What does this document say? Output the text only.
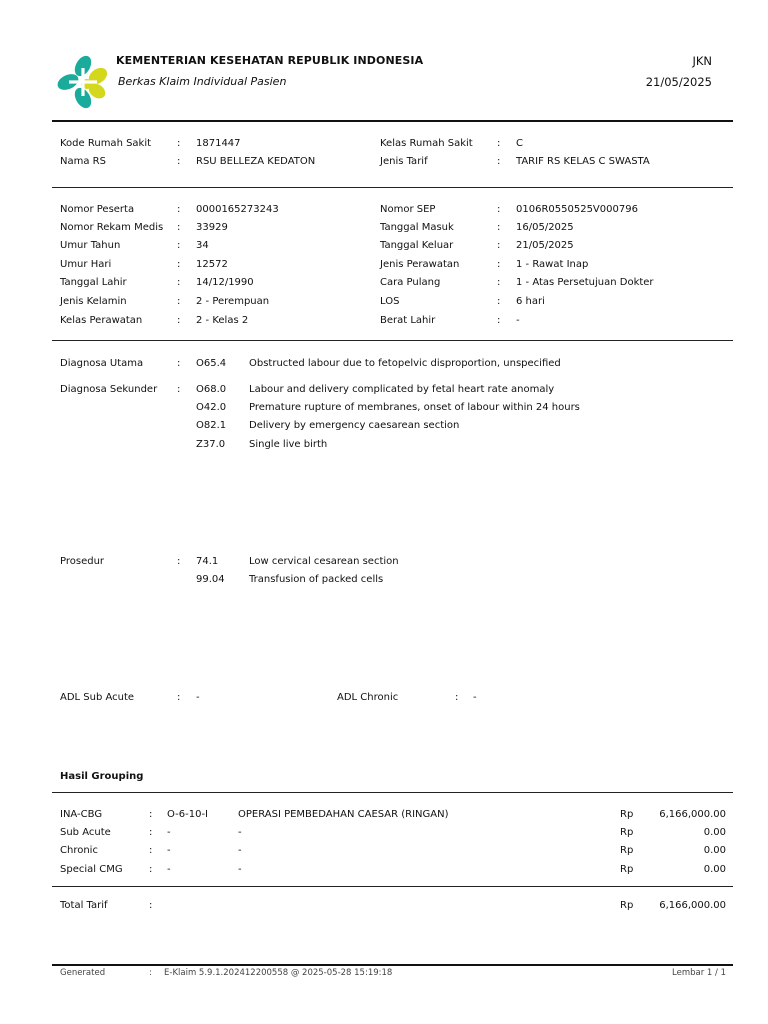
KEMENTERIAN KESEHATAN REPUBLIK INDONESIA
Berkas Klaim Individual Pasien
JKN
21/05/2025
Kode Rumah Sakit	: 1871447
Nama RS	: RSU BELLEZA KEDATON
Kelas Rumah Sakit : C
Jenis Tarif	: TARIF RS KELAS C SWASTA
Nomor Peserta	: 0000165273243
Nomor Rekam Medis : 33929
Umur Tahun	: 34
Umur Hari	: 12572
Tanggal Lahir	: 14/12/1990
Jenis Kelamin	: 2 - Perempuan
Kelas Perawatan	: 2 - Kelas 2
Nomor SEP	: 0106R0550525V000796
Tanggal Masuk	: 16/05/2025
Tanggal Keluar	: 21/05/2025
Jenis Perawatan	: 1 - Rawat Inap
Cara Pulang	: 1 - Atas Persetujuan Dokter
LOS	: 6 hari
Berat Lahir	: -
Diagnosa Utama	: O65.4 Obstructed labour due to fetopelvic disproportion, unspecified
Diagnosa Sekunder : O68.0 Labour and delivery complicated by fetal heart rate anomaly
O42.0 Premature rupture of membranes, onset of labour within 24 hours
O82.1 Delivery by emergency caesarean section
Z37.0 Single live birth
Prosedur	: 74.1	Low cervical cesarean section
99.04 Transfusion of packed cells
ADL Sub Acute	: -	ADL Chronic	: -
Hasil Grouping
INA-CBG	: O-6-10-I	OPERASI PEMBEDAHAN CAESAR (RINGAN)	Rp	6,166,000.00
Sub Acute	: -	-	Rp	0.00
Chronic	: -	-	Rp	0.00
Special CMG	: -	-	Rp	0.00
Total Tarif	:	Rp	6,166,000.00
Generated	: E-Klaim 5.9.1.202412200558 @ 2025-05-28 15:19:18	Lembar 1 / 1
